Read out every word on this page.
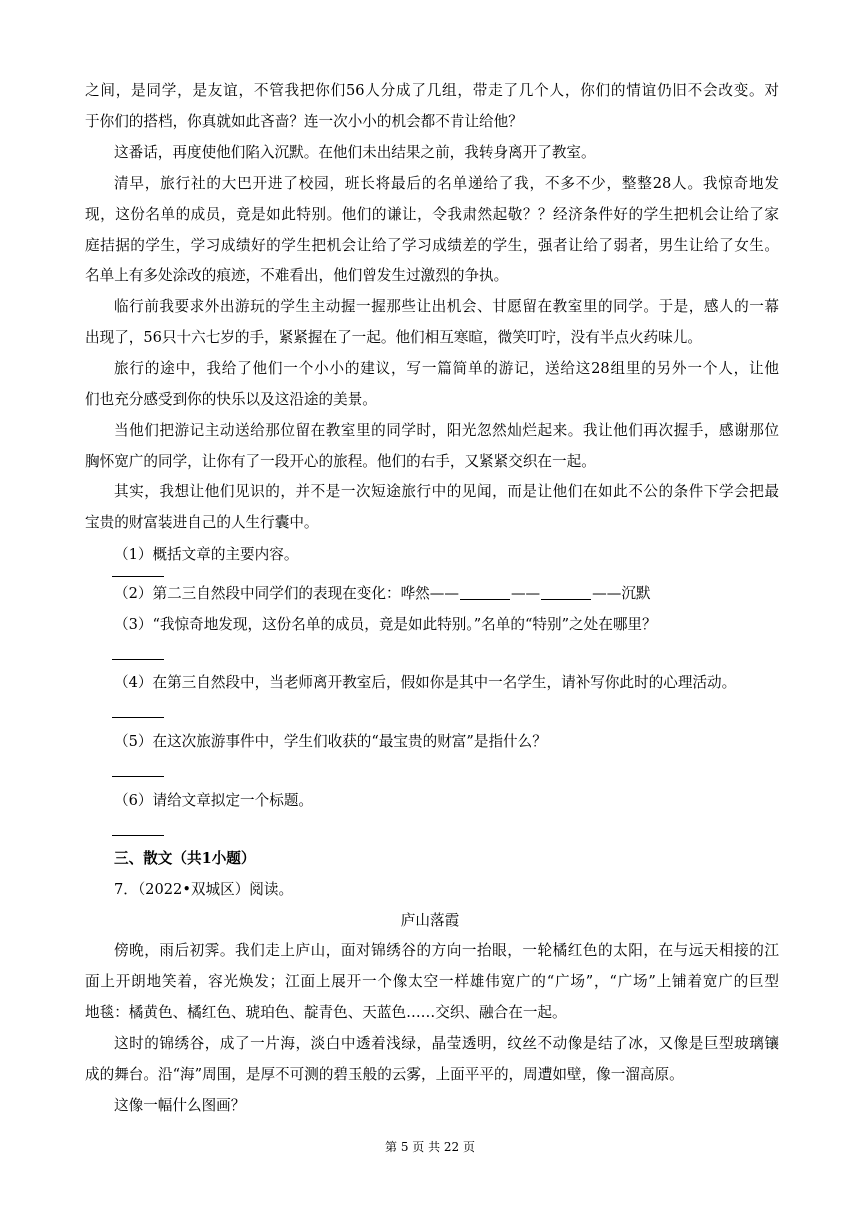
之间，是同学，是友谊，不管我把你们56人分成了几组，带走了几个人，你们的情谊仍旧不会改变。对
于你们的搭档，你真就如此吝啬？连一次小小的机会都不肯让给他？
这番话，再度使他们陷入沉默。在他们未出结果之前，我转身离开了教室。
清早，旅行社的大巴开进了校园，班长将最后的名单递给了我，不多不少，整整28人。我惊奇地发
现，这份名单的成员，竟是如此特别。他们的谦让，令我肃然起敬？？经济条件好的学生把机会让给了家
庭拮据的学生，学习成绩好的学生把机会让给了学习成绩差的学生，强者让给了弱者，男生让给了女生。
名单上有多处涂改的痕迹，不难看出，他们曾发生过激烈的争执。
临行前我要求外出游玩的学生主动握一握那些让出机会、甘愿留在教室里的同学。于是，感人的一幕
出现了，56只十六七岁的手，紧紧握在了一起。他们相互寒暄，微笑叮咛，没有半点火药味儿。
旅行的途中，我给了他们一个小小的建议，写一篇简单的游记，送给这28组里的另外一个人，让他
们也充分感受到你的快乐以及这沿途的美景。
当他们把游记主动送给那位留在教室里的同学时，阳光忽然灿烂起来。我让他们再次握手，感谢那位
胸怀宽广的同学，让你有了一段开心的旅程。他们的右手，又紧紧交织在一起。
其实，我想让他们见识的，并不是一次短途旅行中的见闻，而是让他们在如此不公的条件下学会把最
宝贵的财富装进自己的人生行囊中。
（1）概括文章的主要内容。
（2）第二三自然段中同学们的表现在变化：哗然——	——	——沉默
（3）“我惊奇地发现，这份名单的成员，竟是如此特别。”名单的“特别”之处在哪里？
（4）在第三自然段中，当老师离开教室后，假如你是其中一名学生，请补写你此时的心理活动。
（5）在这次旅游事件中，学生们收获的“最宝贵的财富”是指什么？
（6）请给文章拟定一个标题。
三、散文（共1小题）
7．（2022•双城区）阅读。
庐山落霞
傍晚，雨后初霁。我们走上庐山，面对锦绣谷的方向一抬眼，一轮橘红色的太阳，在与远天相接的江
面上开朗地笑着，容光焕发；江面上展开一个像太空一样雄伟宽广的“广场”，“广场”上铺着宽广的巨型
地毯：橘黄色、橘红色、琥珀色、靛青色、天蓝色……交织、融合在一起。
这时的锦绣谷，成了一片海，淡白中透着浅绿，晶莹透明，纹丝不动像是结了冰，又像是巨型玻璃镶
成的舞台。沿“海”周围，是厚不可测的碧玉般的云雾，上面平平的，周遭如壁，像一溜高原。
这像一幅什么图画？
第 5 页 共 22 页
